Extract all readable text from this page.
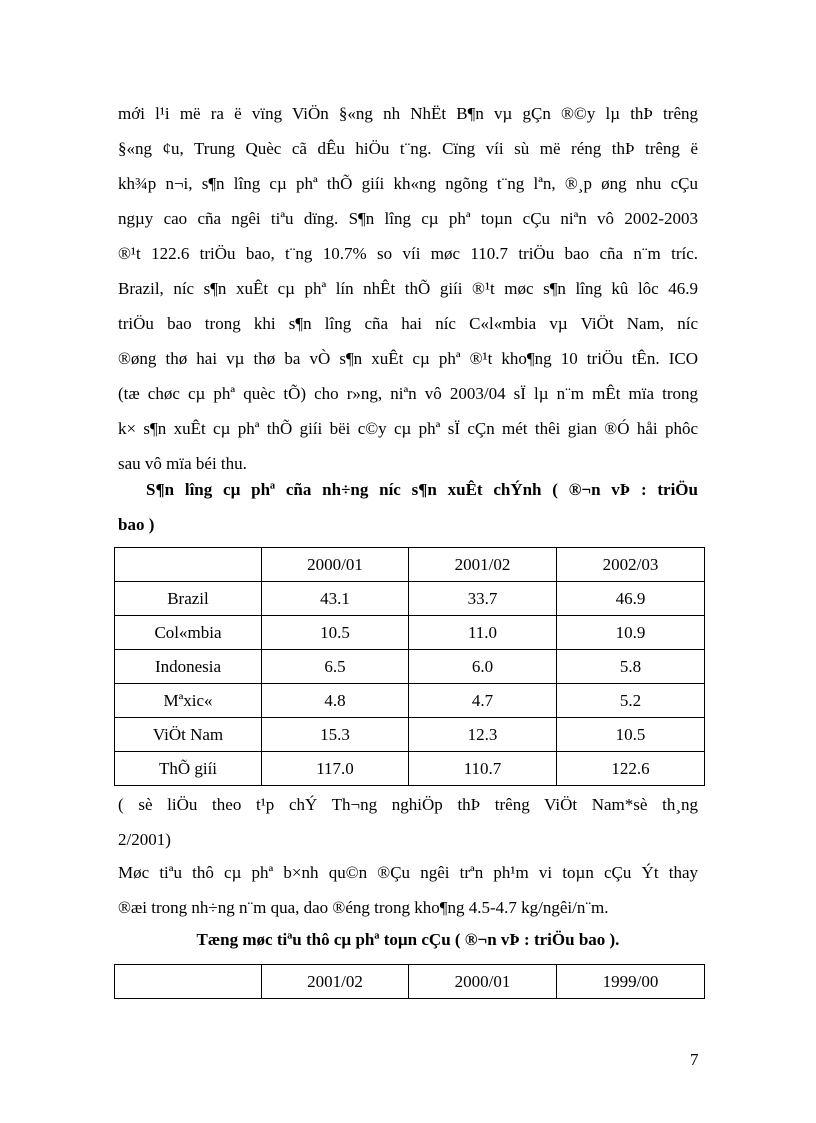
mới l¹i më ra ë vïng ViÖn §«ng nh NhËt B¶n vµ gÇn ®©y lµ thÞ trêng
§«ng ¢u, Trung Quèc cã dÊu hiÖu t¨ng. Cïng víi sù më réng thÞ trêng ë
kh¾p n¬i, s¶n lîng cµ phª thÕ giíi kh«ng ngõng t¨ng lªn, ®¸p øng nhu cÇu
ngµy cao cña ngêi tiªu dïng. S¶n lîng cµ phª toµn cÇu niªn vô 2002-2003
®¹t 122.6 triÖu bao, t¨ng 10.7% so víi møc 110.7 triÖu bao cña n¨m tríc.
Brazil, níc s¶n xuÊt cµ phª lín nhÊt thÕ giíi ®¹t møc s¶n lîng kû lôc 46.9
triÖu bao trong khi s¶n lîng cña hai níc C«l«mbia vµ ViÖt Nam, níc
®øng thø hai vµ thø ba vÒ s¶n xuÊt cµ phª ®¹t kho¶ng 10 triÖu tÊn. ICO
(tæ chøc cµ phª quèc tÕ) cho r»ng, niªn vô 2003/04 sÏ lµ n¨m mÊt mïa trong
k× s¶n xuÊt cµ phª thÕ giíi bëi c©y cµ phª sÏ cÇn mét thêi gian ®Ó håi phôc
sau vô mïa béi thu.
S¶n lîng cµ phª cña nh÷ng níc s¶n xuÊt chÝnh ( ®¬n vÞ : triÖu
bao )
	2000/01	2001/02	2002/03
Brazil	43.1	33.7	46.9
Col«mbia	10.5	11.0	10.9
Indonesia	6.5	6.0	5.8
Mªxic«	4.8	4.7	5.2
ViÖt Nam	15.3	12.3	10.5
ThÕ giíi	117.0	110.7	122.6
( sè liÖu theo t¹p chÝ Th¬ng nghiÖp thÞ trêng ViÖt Nam*sè th¸ng
2/2001)
Møc tiªu thô cµ phª b×nh qu©n ®Çu ngêi trªn ph¹m vi toµn cÇu Ýt thay
®æi trong nh÷ng n¨m qua, dao ®éng trong kho¶ng 4.5-4.7 kg/ngêi/n¨m.
Tæng møc tiªu thô cµ phª toµn cÇu ( ®¬n vÞ : triÖu bao ).
	2001/02	2000/01	1999/00
7
